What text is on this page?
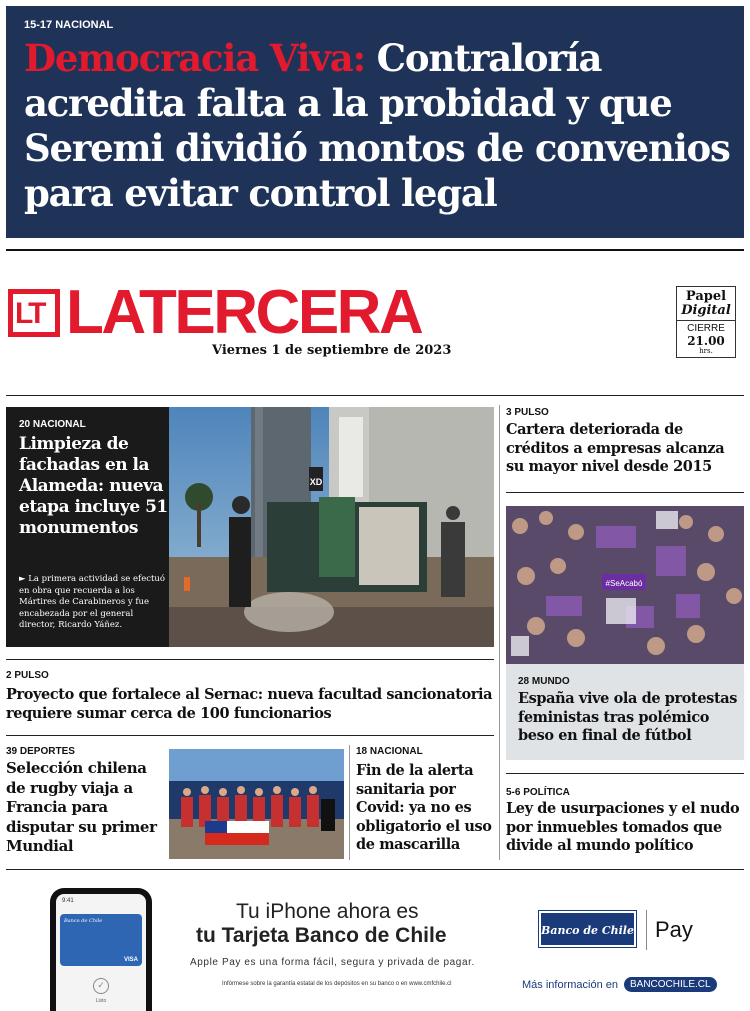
15-17 NACIONAL
Democracia Viva: Contraloría acredita falta a la probidad y que Seremi dividió montos de convenios para evitar control legal
LT LATERCERA
Viernes 1 de septiembre de 2023
Papel
Digital
CIERRE
21.00
hrs.
20 NACIONAL
Limpieza de fachadas en la Alameda: nueva etapa incluye 51 monumentos
► La primera actividad se efectuó en obra que recuerda a los Mártires de Carabineros y fue encabezada por el general director, Ricardo Yáñez.
XD
3 PULSO
Cartera deteriorada de créditos a empresas alcanza su mayor nivel desde 2015
#SeAcabó
28 MUNDO
España vive ola de protestas feministas tras polémico beso en final de fútbol
5-6 POLÍTICA
Ley de usurpaciones y el nudo por inmuebles tomados que divide al mundo político
2 PULSO
Proyecto que fortalece al Sernac: nueva facultad sancionatoria requiere sumar cerca de 100 funcionarios
39 DEPORTES
Selección chilena de rugby viaja a Francia para disputar su primer Mundial
18 NACIONAL
Fin de la alerta sanitaria por Covid: ya no es obligatorio el uso de mascarilla
9:41
Banco de Chile
VISA
✓
Listo
Tu iPhone ahora es
tu Tarjeta Banco de Chile
Apple Pay es una forma fácil, segura y privada de pagar.
Infórmese sobre la garantía estatal de los depósitos en su banco o en www.cmfchile.cl
Banco de Chile Pay
Más información en	BANCOCHILE.CL
